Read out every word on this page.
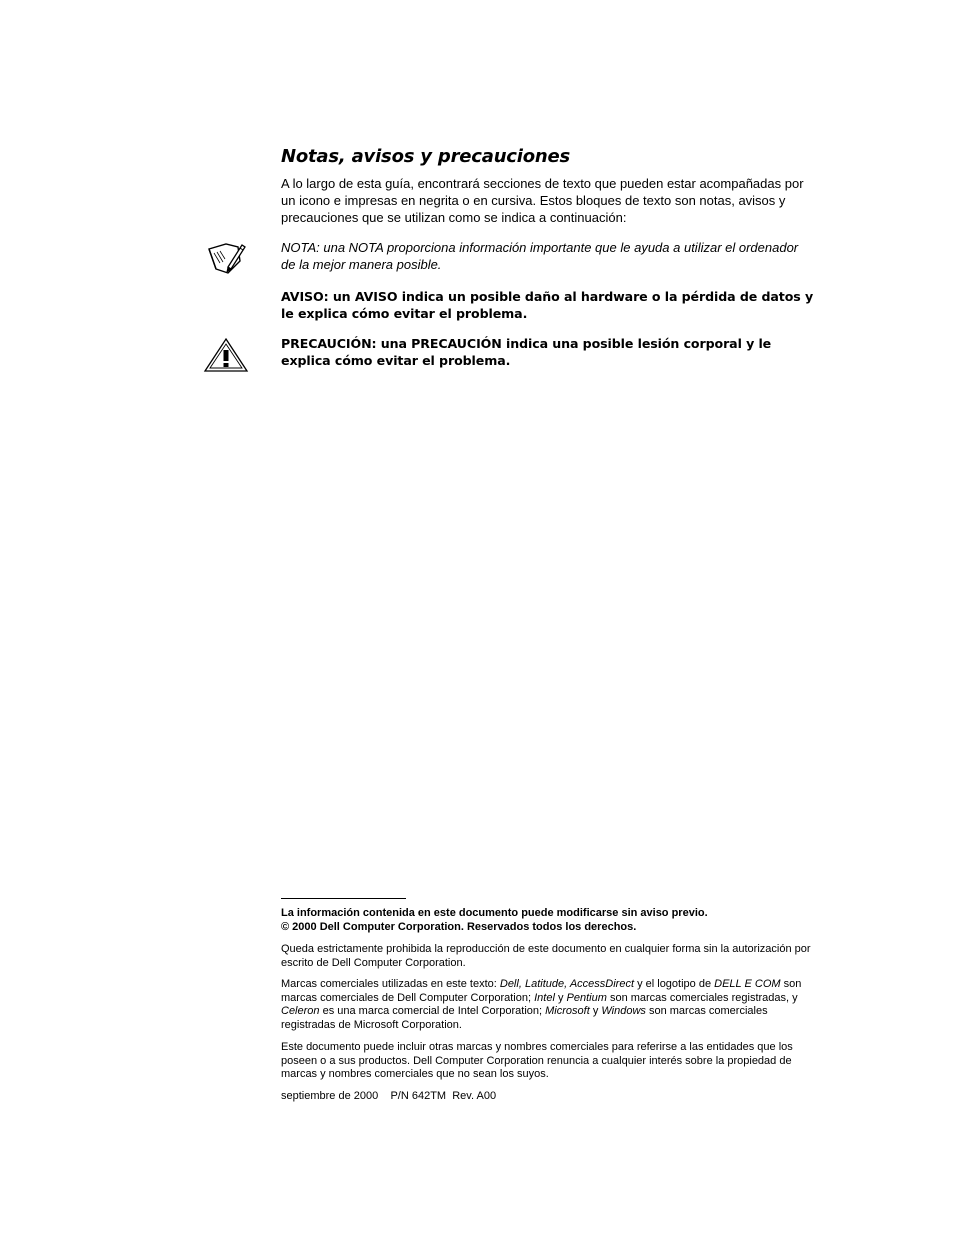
Notas, avisos y precauciones

A lo largo de esta guía, encontrará secciones de texto que pueden estar acompañadas por un icono e impresas en negrita o en cursiva. Estos bloques de texto son notas, avisos y precauciones que se utilizan como se indica a continuación:

NOTA: una NOTA proporciona información importante que le ayuda a utilizar el ordenador de la mejor manera posible.

AVISO: un AVISO indica un posible daño al hardware o la pérdida de datos y le explica cómo evitar el problema.

PRECAUCIÓN: una PRECAUCIÓN indica una posible lesión corporal y le explica cómo evitar el problema.

La información contenida en este documento puede modificarse sin aviso previo.
© 2000 Dell Computer Corporation. Reservados todos los derechos.

Queda estrictamente prohibida la reproducción de este documento en cualquier forma sin la autorización por escrito de Dell Computer Corporation.

Marcas comerciales utilizadas en este texto: Dell, Latitude, AccessDirect y el logotipo de DELL E COM son marcas comerciales de Dell Computer Corporation; Intel y Pentium son marcas comerciales registradas, y Celeron es una marca comercial de Intel Corporation; Microsoft y Windows son marcas comerciales registradas de Microsoft Corporation.

Este documento puede incluir otras marcas y nombres comerciales para referirse a las entidades que los poseen o a sus productos. Dell Computer Corporation renuncia a cualquier interés sobre la propiedad de marcas y nombres comerciales que no sean los suyos.

septiembre de 2000 P/N 642TM Rev. A00
